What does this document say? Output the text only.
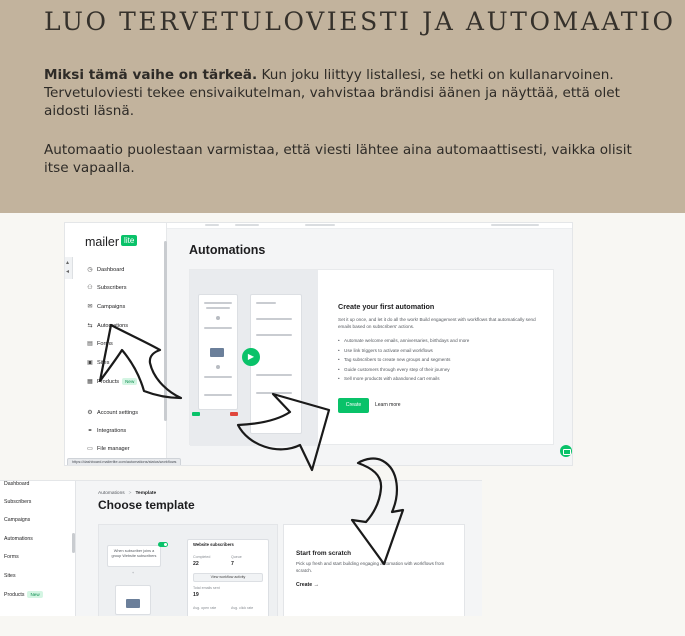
LUO TERVETULOVIESTI JA AUTOMAATIO

Miksi tämä vaihe on tärkeä. Kun joku liittyy listallesi, se hetki on kullanarvoinen. Tervetuloviesti tekee ensivaikutelman, vahvistaa brändisi äänen ja näyttää, että olet aidosti läsnä.

Automaatio puolestaan varmistaa, että viesti lähtee aina automaattisesti, vaikka olisit itse vapaalla.

mailer lite
◷ Dashboard
⚇ Subscribers
✉ Campaigns
⇆ Automations
▤ Forms
▣ Sites
▦ Products	New
⚙ Account settings
⚭ Integrations
▭ File manager
▴
◂
https://dashboard.mailerlite.com/automations/status/workflows
Automations
▶
Create your first automation
Set it up once, and let it do all the work! Build engagement with workflows that automatically send emails based on subscribers' actions.
• Automate welcome emails, anniversaries, birthdays and more
• Use link triggers to activate email workflows
• Tag subscribers to create new groups and segments
• Guide customers through every step of their journey
• Sell more products with abandoned cart emails
Create	Learn more
Dashboard
Subscribers
Campaigns
Automations
Forms
Sites
Products	New
Automations > Template
Choose template
When subscriber joins a group Website subscribers
+
Website subscribers
Completed
22
Queue
7
View workflow activity
Total emails sent
19
Avg. open rate	Avg. click rate
Start from scratch
Pick up fresh and start building engaging automation with workflows from scratch.
Create →
